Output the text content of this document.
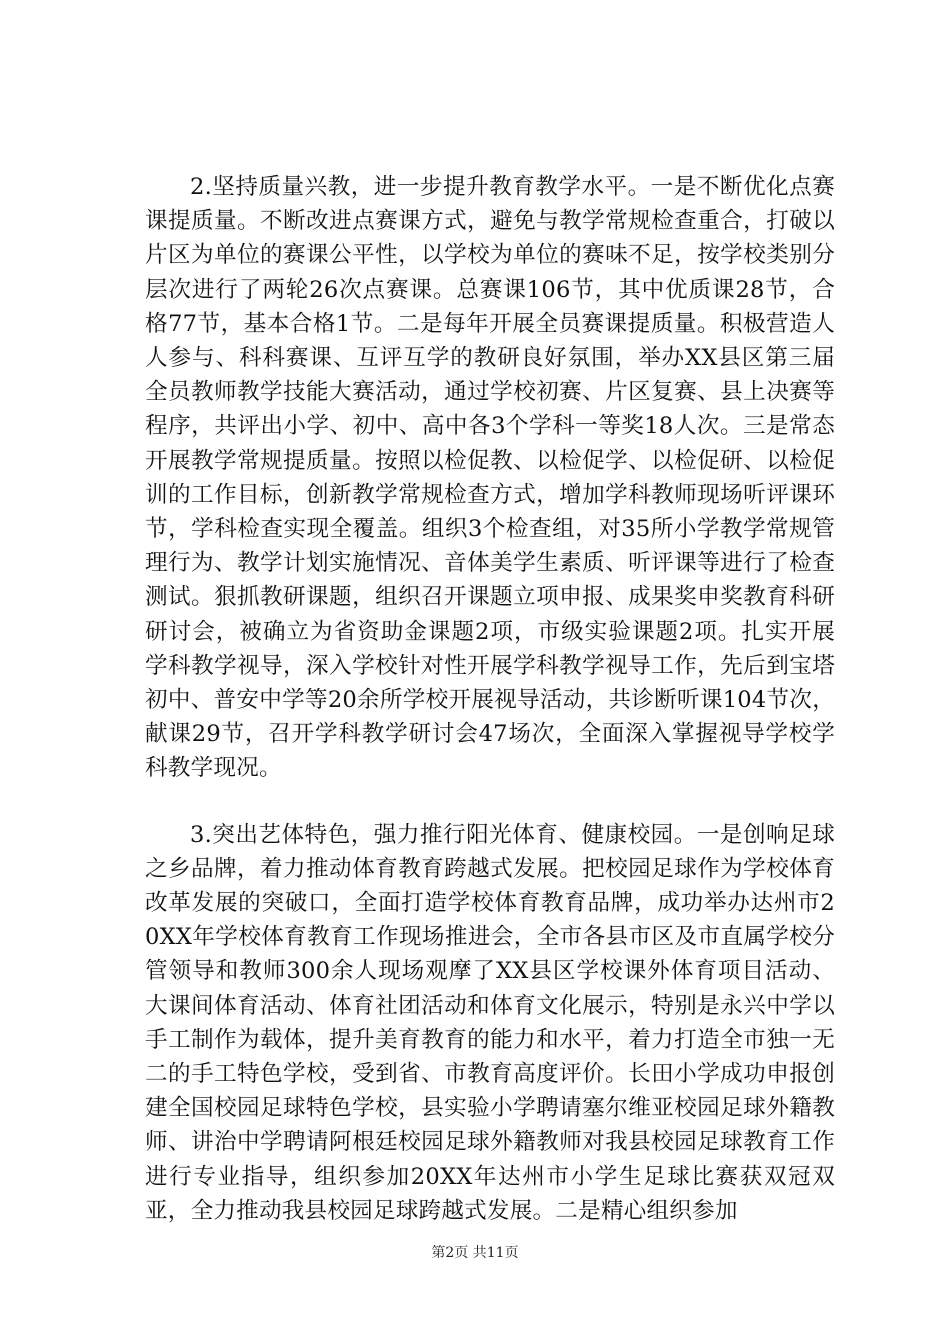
2.坚持质量兴教，进一步提升教育教学水平。一是不断优化点赛课提质量。不断改进点赛课方式，避免与教学常规检查重合，打破以片区为单位的赛课公平性，以学校为单位的赛味不足，按学校类别分层次进行了两轮26次点赛课。总赛课106节，其中优质课28节，合格77节，基本合格1节。二是每年开展全员赛课提质量。积极营造人人参与、科科赛课、互评互学的教研良好氛围，举办XX县区第三届全员教师教学技能大赛活动，通过学校初赛、片区复赛、县上决赛等程序，共评出小学、初中、高中各3个学科一等奖18人次。三是常态开展教学常规提质量。按照以检促教、以检促学、以检促研、以检促训的工作目标，创新教学常规检查方式，增加学科教师现场听评课环节，学科检查实现全覆盖。组织3个检查组，对35所小学教学常规管理行为、教学计划实施情况、音体美学生素质、听评课等进行了检查测试。狠抓教研课题，组织召开课题立项申报、成果奖申奖教育科研研讨会，被确立为省资助金课题2项，市级实验课题2项。扎实开展学科教学视导，深入学校针对性开展学科教学视导工作，先后到宝塔初中、普安中学等20余所学校开展视导活动，共诊断听课104节次，献课29节，召开学科教学研讨会47场次，全面深入掌握视导学校学科教学现况。

3.突出艺体特色，强力推行阳光体育、健康校园。一是创响足球之乡品牌，着力推动体育教育跨越式发展。把校园足球作为学校体育改革发展的突破口，全面打造学校体育教育品牌，成功举办达州市20XX年学校体育教育工作现场推进会，全市各县市区及市直属学校分管领导和教师300余人现场观摩了XX县区学校课外体育项目活动、大课间体育活动、体育社团活动和体育文化展示，特别是永兴中学以手工制作为载体，提升美育教育的能力和水平，着力打造全市独一无二的手工特色学校，受到省、市教育高度评价。长田小学成功申报创建全国校园足球特色学校，县实验小学聘请塞尔维亚校园足球外籍教师、讲治中学聘请阿根廷校园足球外籍教师对我县校园足球教育工作进行专业指导，组织参加20XX年达州市小学生足球比赛获双冠双亚，全力推动我县校园足球跨越式发展。二是精心组织参加

第2页 共11页
